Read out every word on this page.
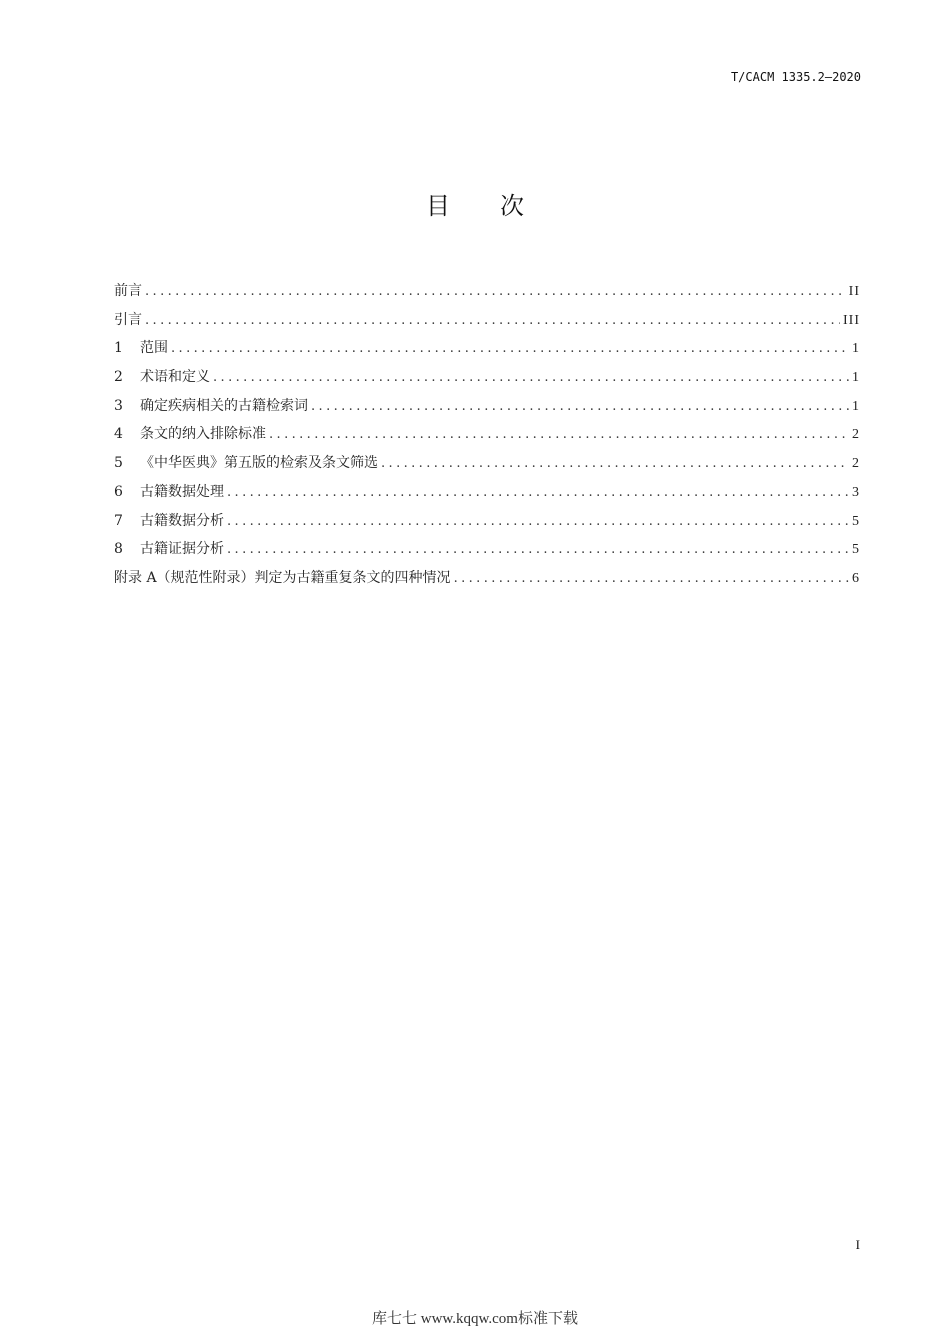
T/CACM 1335.2—2020
目 次
前言 .....	II
引言 .....	III
1	范围 .....	1
2	术语和定义 .....	1
3	确定疾病相关的古籍检索词 .....	1
4	条文的纳入排除标准 .....	2
5	《中华医典》第五版的检索及条文筛选 .....	2
6	古籍数据处理 .....	3
7	古籍数据分析 .....	5
8	古籍证据分析 .....	5
附录 A（规范性附录）判定为古籍重复条文的四种情况 .....	6
I
库七七 www.kqqw.com标准下载
